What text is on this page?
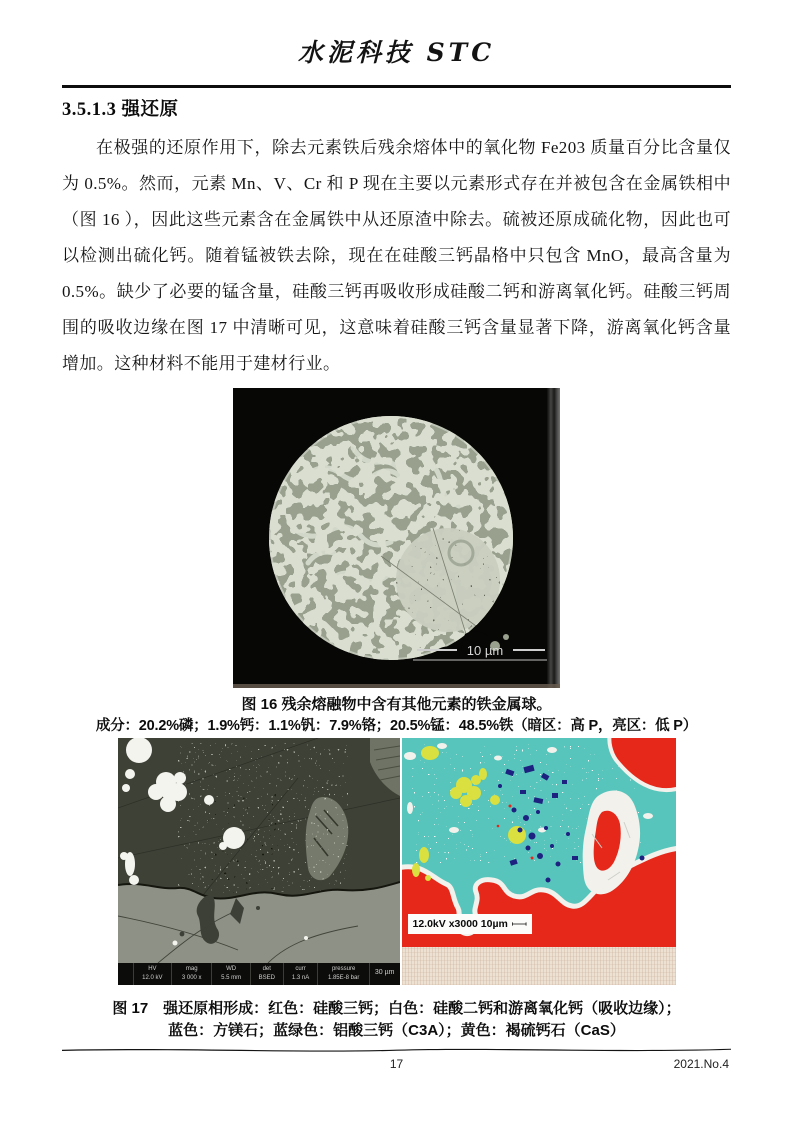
水泥科技 STC
3.5.1.3 强还原
在极强的还原作用下，除去元素铁后残余熔体中的氧化物 Fe203 质量百分比含量仅为 0.5%。然而，元素 Mn、V、Cr 和 P 现在主要以元素形式存在并被包含在金属铁相中（图 16 ），因此这些元素含在金属铁中从还原渣中除去。硫被还原成硫化物，因此也可以检测出硫化钙。随着锰被铁去除，现在在硅酸三钙晶格中只包含 MnO，最高含量为 0.5%。缺少了必要的锰含量，硅酸三钙再吸收形成硅酸二钙和游离氧化钙。硅酸三钙周围的吸收边缘在图 17 中清晰可见，这意味着硅酸三钙含量显著下降，游离氧化钙含量增加。这种材料不能用于建材行业。
10 µm
图 16 残余熔融物中含有其他元素的铁金属球。
成分：20.2%磷；1.9%钙：1.1%钒：7.9%铬；20.5%锰：48.5%铁（暗区：高 P，亮区：低 P）
HV
12.0 kV
mag
3 000 x
WD
5.5 mm
det
BSED
curr
1.3 nA
pressure
1.85E-8 bar
30 µm
12.0kV x3000 10µm
图 17　强还原相形成：红色：硅酸三钙；白色：硅酸二钙和游离氧化钙（吸收边缘）；
蓝色：方镁石；蓝绿色：铝酸三钙（C3A）；黄色：褐硫钙石（CaS）
17	2021.No.4
